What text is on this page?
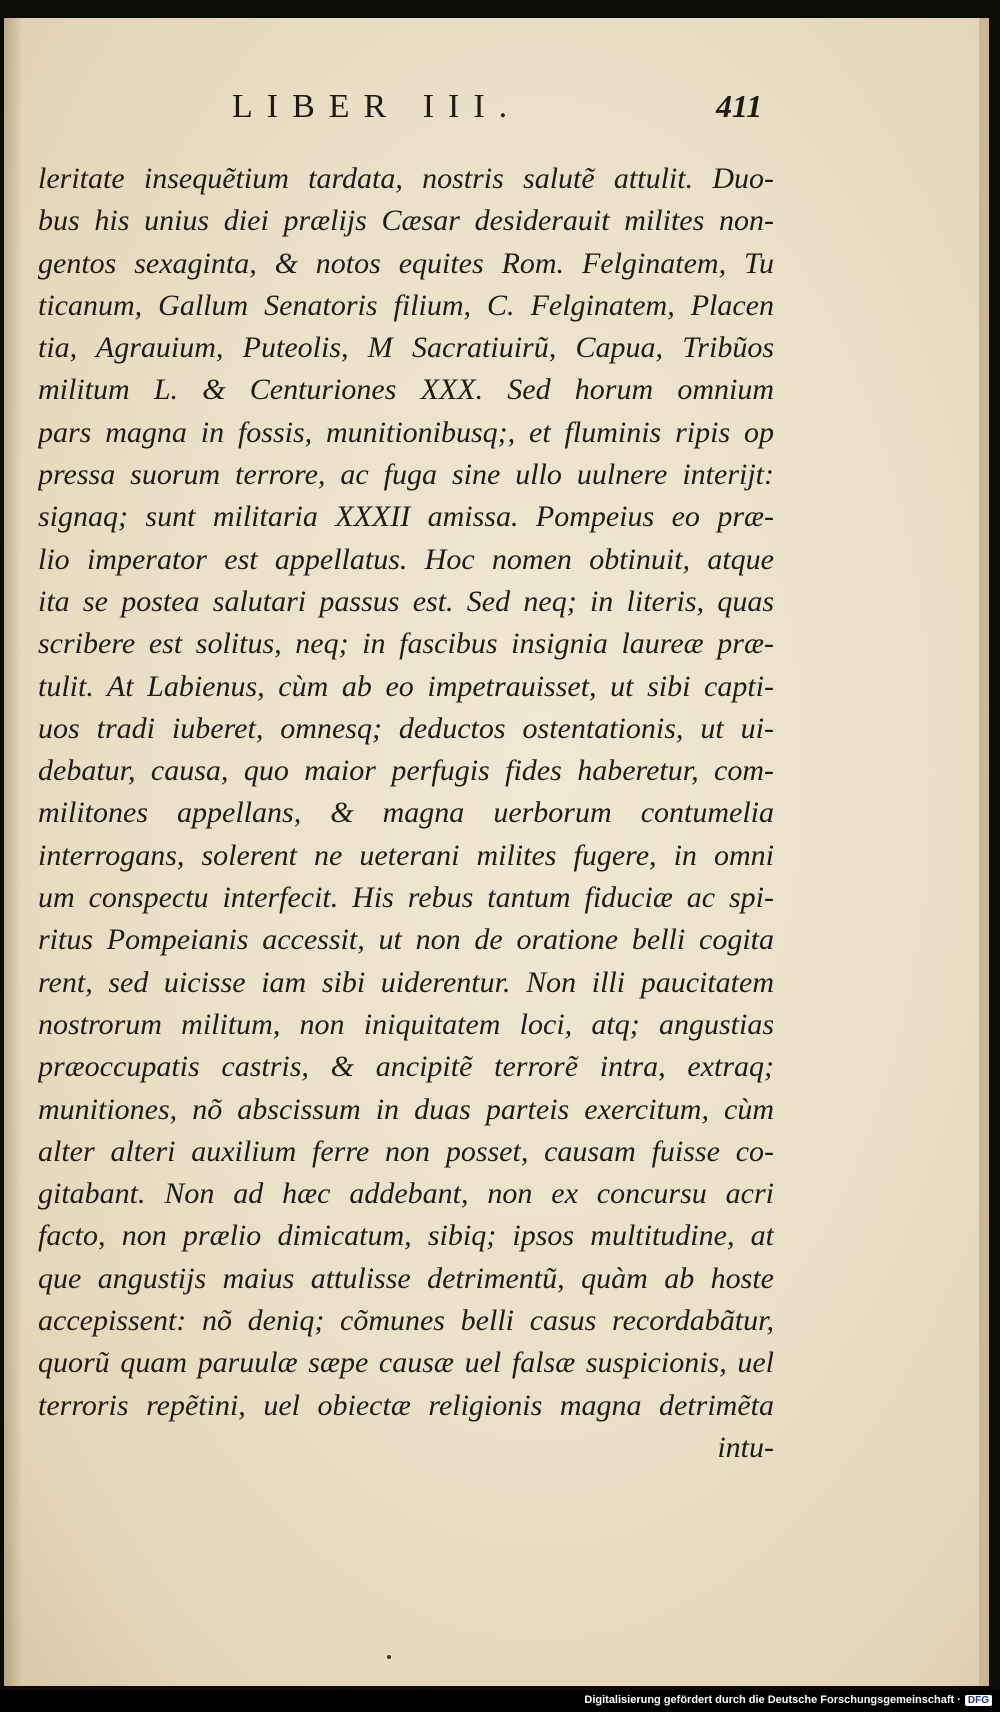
LIBER III.	411
leritate insequẽtium tardata, nostris salutẽ attulit. Duo-
bus his unius diei prælijs Cæsar desiderauit milites non-
gentos sexaginta, & notos equites Rom. Felginatem, Tu
ticanum, Gallum Senatoris filium, C. Felginatem, Placen
tia, Agrauium, Puteolis, M Sacratiuirũ, Capua, Tribũos
militum L. & Centuriones XXX. Sed horum omnium
pars magna in fossis, munitionibusq;, et fluminis ripis op
pressa suorum terrore, ac fuga sine ullo uulnere interijt:
signaq; sunt militaria XXXII amissa. Pompeius eo præ-
lio imperator est appellatus. Hoc nomen obtinuit, atque
ita se postea salutari passus est. Sed neq; in literis, quas
scribere est solitus, neq; in fascibus insignia laureæ præ-
tulit. At Labienus, cùm ab eo impetrauisset, ut sibi capti-
uos tradi iuberet, omnesq; deductos ostentationis, ut ui-
debatur, causa, quo maior perfugis fides haberetur, com-
militones appellans, & magna uerborum contumelia
interrogans, solerent ne ueterani milites fugere, in omni
um conspectu interfecit. His rebus tantum fiduciæ ac spi-
ritus Pompeianis accessit, ut non de oratione belli cogita
rent, sed uicisse iam sibi uiderentur. Non illi paucitatem
nostrorum militum, non iniquitatem loci, atq; angustias
præoccupatis castris, & ancipitẽ terrorẽ intra, extraq;
munitiones, nõ abscissum in duas parteis exercitum, cùm
alter alteri auxilium ferre non posset, causam fuisse co-
gitabant. Non ad hæc addebant, non ex concursu acri
facto, non prælio dimicatum, sibiq; ipsos multitudine, at
que angustijs maius attulisse detrimentũ, quàm ab hoste
accepissent: nõ deniq; cõmunes belli casus recordabãtur,
quorũ quam paruulæ sæpe causæ uel falsæ suspicionis, uel
terroris repẽtini, uel obiectæ religionis magna detrimẽta
intu-
Digitalisierung gefördert durch die Deutsche Forschungsgemeinschaft · DFG
